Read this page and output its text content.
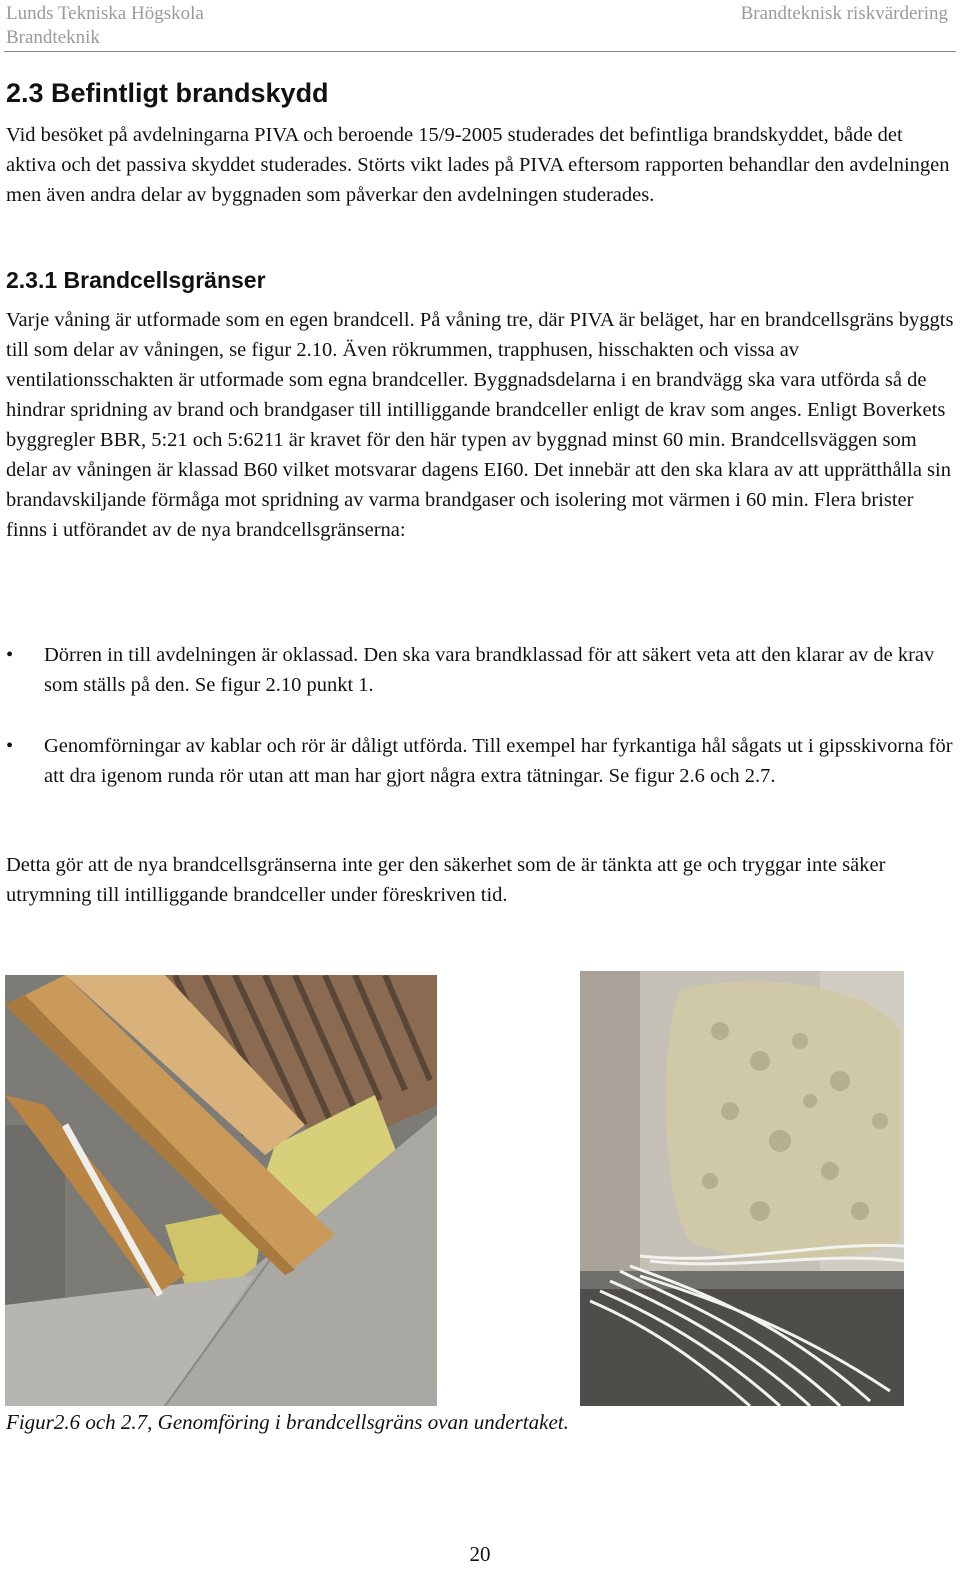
Lunds Tekniska Högskola
Brandteknik
Brandteknisk riskvärdering
2.3 Befintligt brandskydd

Vid besöket på avdelningarna PIVA och beroende 15/9-2005 studerades det befintliga brandskyddet, både det aktiva och det passiva skyddet studerades. Störts vikt lades på PIVA eftersom rapporten behandlar den avdelningen men även andra delar av byggnaden som påverkar den avdelningen studerades.

2.3.1 Brandcellsgränser

Varje våning är utformade som en egen brandcell. På våning tre, där PIVA är beläget, har en brandcellsgräns byggts till som delar av våningen, se figur 2.10. Även rökrummen, trapphusen, hisschakten och vissa av ventilationsschakten är utformade som egna brandceller. Byggnadsdelarna i en brandvägg ska vara utförda så de hindrar spridning av brand och brandgaser till intilliggande brandceller enligt de krav som anges. Enligt Boverkets byggregler BBR, 5:21 och 5:6211 är kravet för den här typen av byggnad minst 60 min. Brandcellsväggen som delar av våningen är klassad B60 vilket motsvarar dagens EI60. Det innebär att den ska klara av att upprätthålla sin brandavskiljande förmåga mot spridning av varma brandgaser och isolering mot värmen i 60 min. Flera brister finns i utförandet av de nya brandcellsgränserna:

•	Dörren in till avdelningen är oklassad. Den ska vara brandklassad för att säkert veta att den klarar av de krav som ställs på den. Se figur 2.10 punkt 1.
•	Genomförningar av kablar och rör är dåligt utförda. Till exempel har fyrkantiga hål sågats ut i gipsskivorna för att dra igenom runda rör utan att man har gjort några extra tätningar. Se figur 2.6 och 2.7.

Detta gör att de nya brandcellsgränserna inte ger den säkerhet som de är tänkta att ge och tryggar inte säker utrymning till intilliggande brandceller under föreskriven tid.

Figur2.6 och 2.7, Genomföring i brandcellsgräns ovan undertaket.
20
